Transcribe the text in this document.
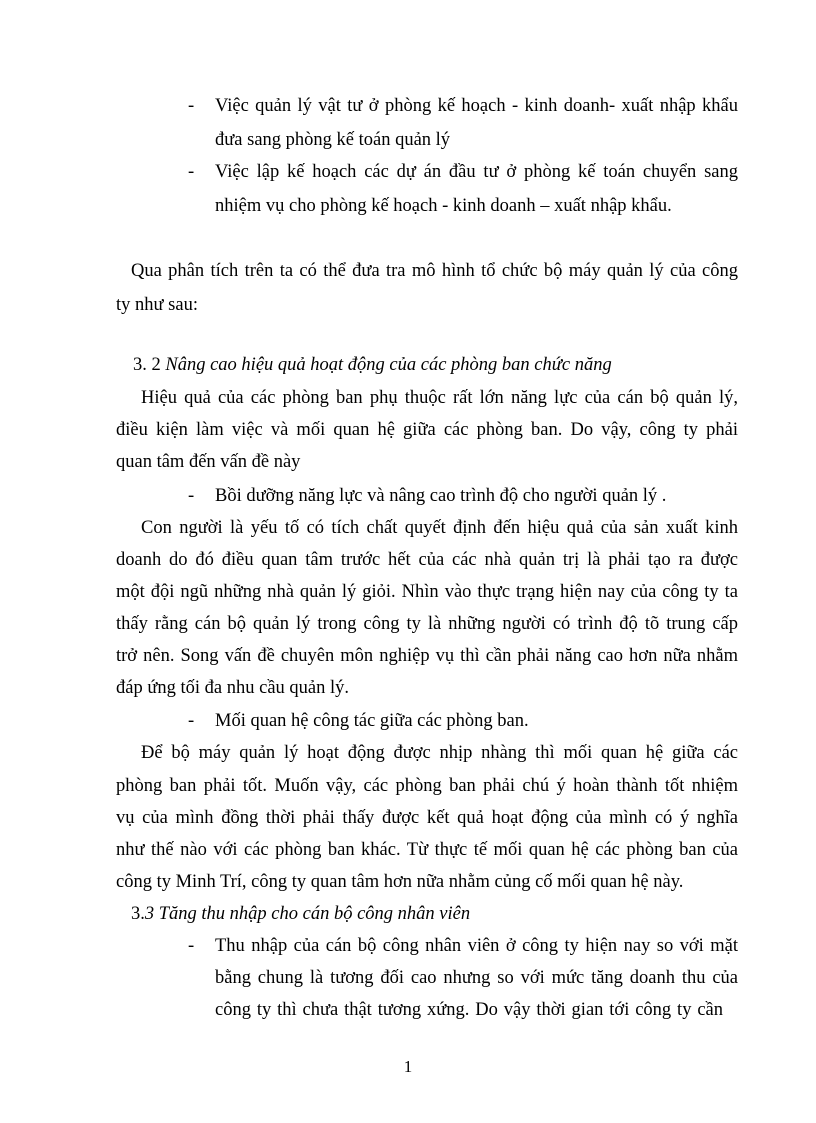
- Việc quản lý vật tư ở phòng kế hoạch - kinh doanh- xuất nhập khẩu
đưa sang phòng kế toán quản lý
- Việc lập kế hoạch các dự án đầu tư ở phòng kế toán chuyển sang
nhiệm vụ cho phòng kế hoạch - kinh doanh – xuất nhập khẩu.
Qua phân tích trên ta có thể đưa tra mô hình tổ chức bộ máy quản lý của công
ty như sau:
3. 2 Nâng cao hiệu quả hoạt động của các phòng ban chức năng
Hiệu quả của các phòng ban phụ thuộc rất lớn năng lực của cán bộ quản lý,
điều kiện làm việc và mối quan hệ giữa các phòng ban. Do vậy, công ty phải
quan tâm đến vấn đề này
- Bồi dưỡng năng lực và nâng cao trình độ cho người quản lý .
Con người là yếu tố có tích chất quyết định đến hiệu quả của sản xuất kinh
doanh do đó điều quan tâm trước hết của các nhà quản trị là phải tạo ra được
một đội ngũ những nhà quản lý giỏi. Nhìn vào thực trạng hiện nay của công ty ta
thấy rằng cán bộ quản lý trong công ty là những người có trình độ tõ trung cấp
trở nên. Song vấn đề chuyên môn nghiệp vụ thì cần phải năng cao hơn nữa nhằm
đáp ứng tối đa nhu cầu quản lý.
- Mối quan hệ công tác giữa các phòng ban.
Để bộ máy quản lý hoạt động được nhịp nhàng thì mối quan hệ giữa các
phòng ban phải tốt. Muốn vậy, các phòng ban phải chú ý hoàn thành tốt nhiệm
vụ của mình đồng thời phải thấy được kết quả hoạt động của mình có ý nghĩa
như thế nào với các phòng ban khác. Từ thực tế mối quan hệ các phòng ban của
công ty Minh Trí, công ty quan tâm hơn nữa nhằm củng cố mối quan hệ này.
3.3 Tăng thu nhập cho cán bộ công nhân viên
- Thu nhập của cán bộ công nhân viên ở công ty hiện nay so với mặt
bằng chung là tương đối cao nhưng so với mức tăng doanh thu của
công ty thì chưa thật tương xứng. Do vậy thời gian tới công ty cần
1
